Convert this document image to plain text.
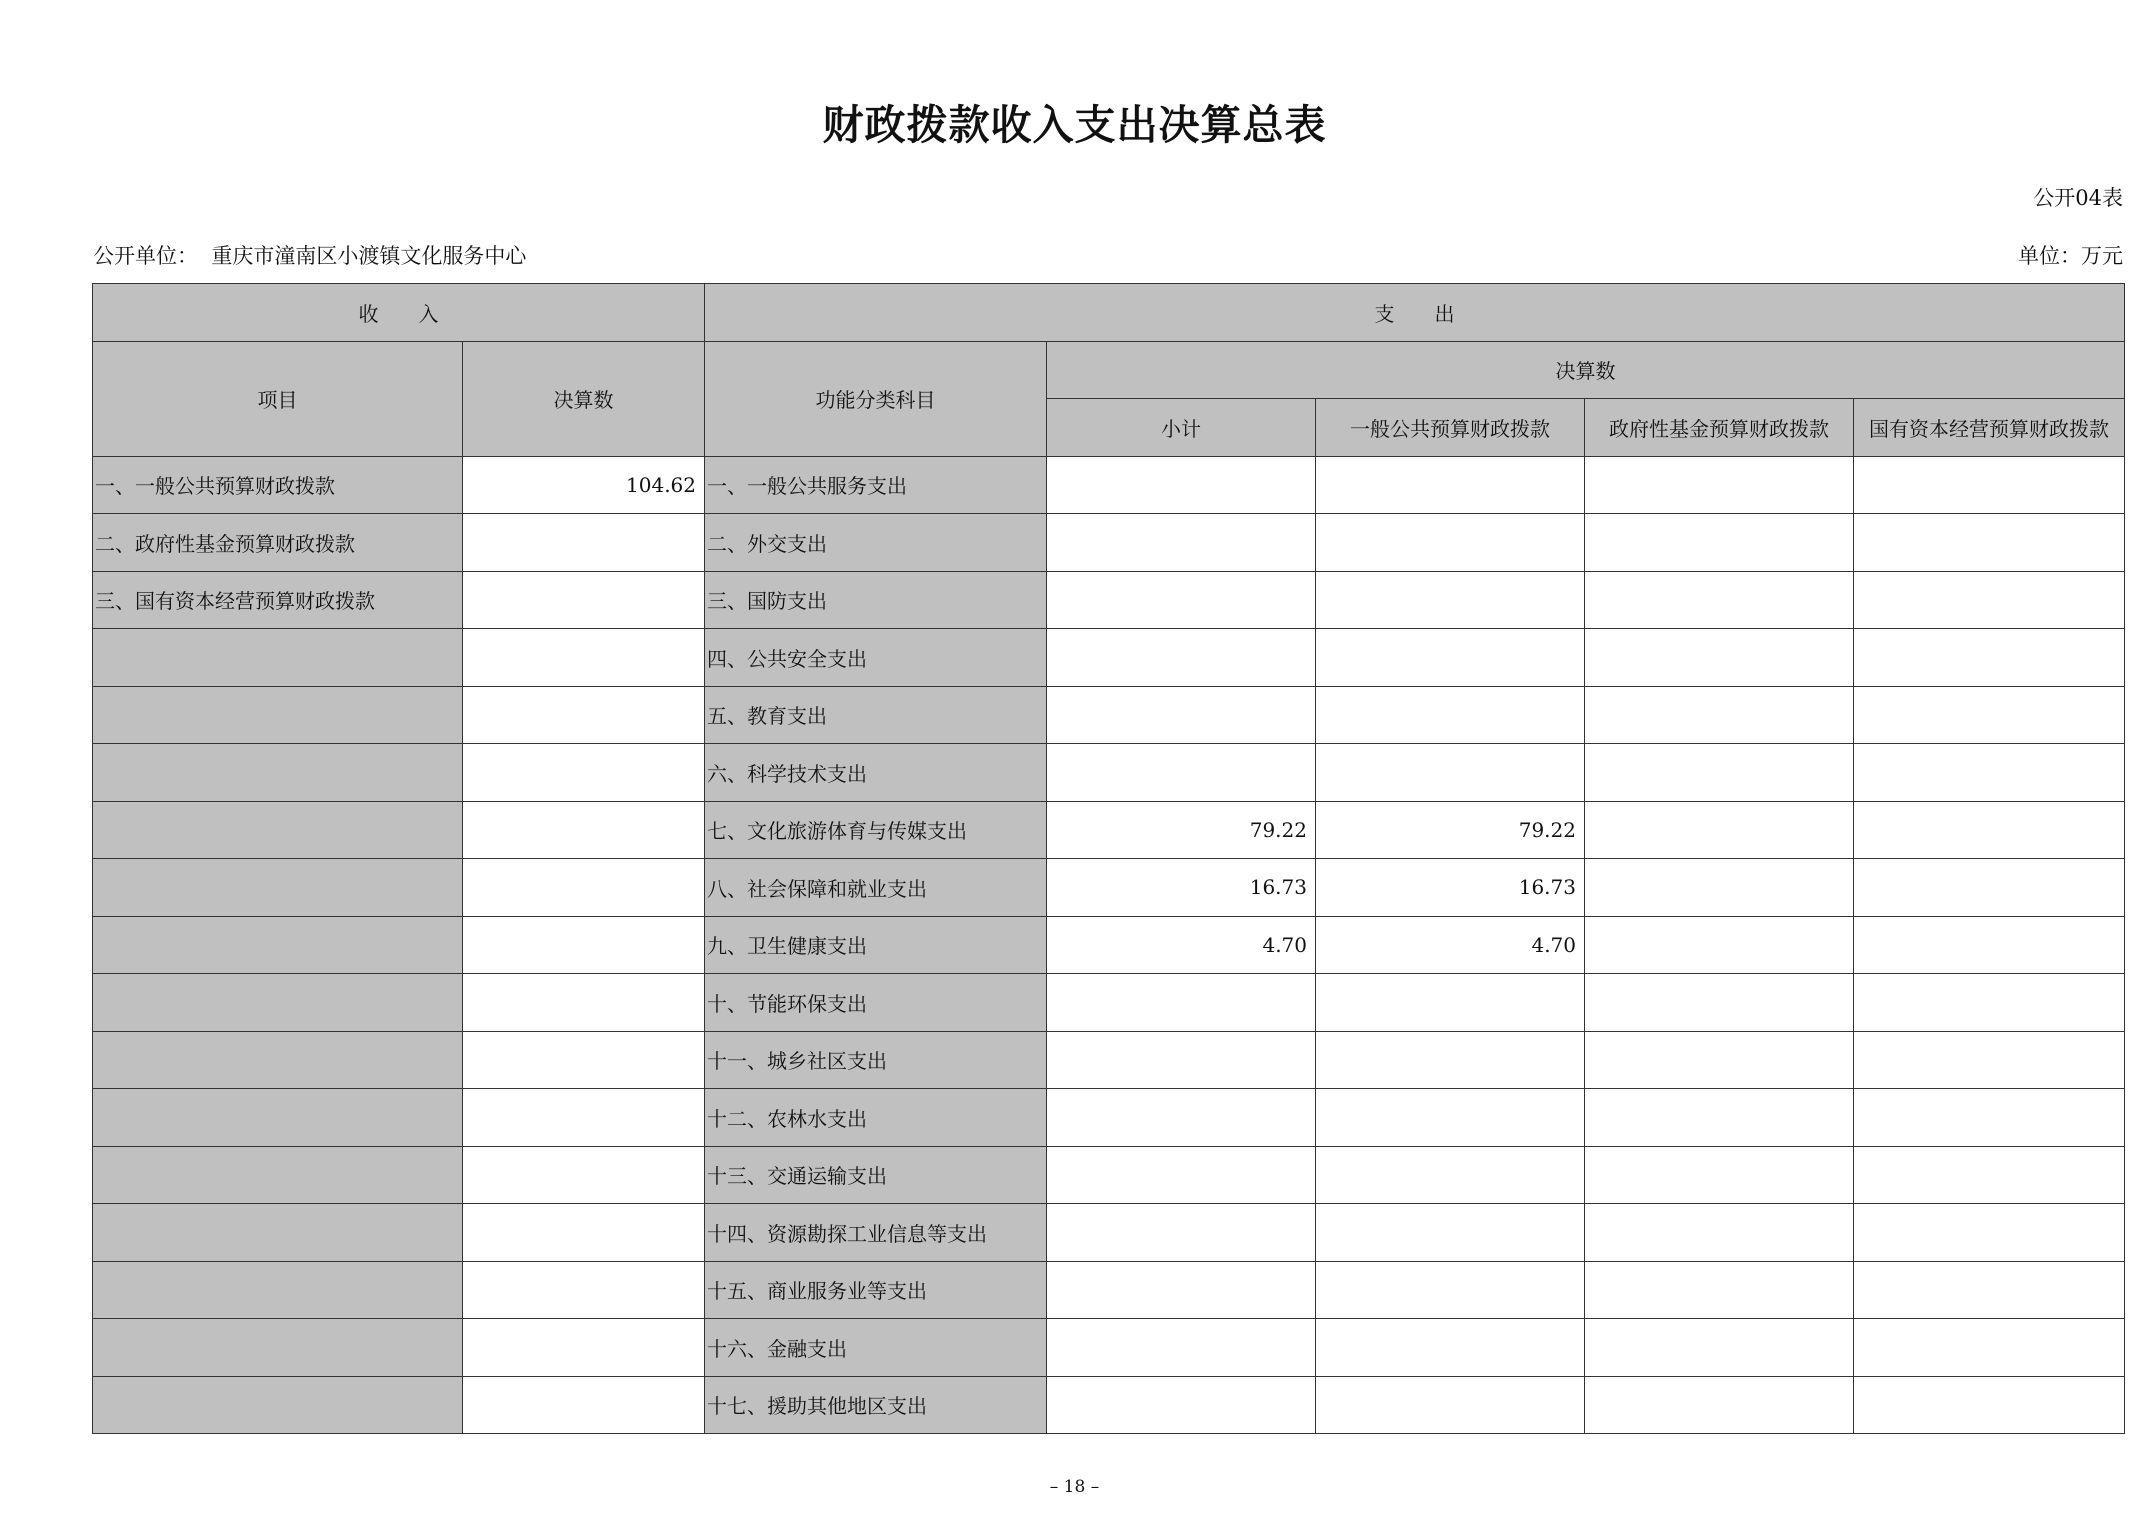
财政拨款收入支出决算总表
公开04表
公开单位： 重庆市潼南区小渡镇文化服务中心	单位：万元
收　　入		支　　出				
项目	决算数	功能分类科目	决算数			
			小计	一般公共预算财政拨款	政府性基金预算财政拨款	国有资本经营预算财政拨款
一、一般公共预算财政拨款	104.62	一、一般公共服务支出				
二、政府性基金预算财政拨款		二、外交支出				
三、国有资本经营预算财政拨款		三、国防支出				
		四、公共安全支出				
		五、教育支出				
		六、科学技术支出				
		七、文化旅游体育与传媒支出	79.22	79.22		
		八、社会保障和就业支出	16.73	16.73		
		九、卫生健康支出	4.70	4.70		
		十、节能环保支出				
		十一、城乡社区支出				
		十二、农林水支出				
		十三、交通运输支出				
		十四、资源勘探工业信息等支出				
		十五、商业服务业等支出				
		十六、金融支出				
		十七、援助其他地区支出				
– 18 –
